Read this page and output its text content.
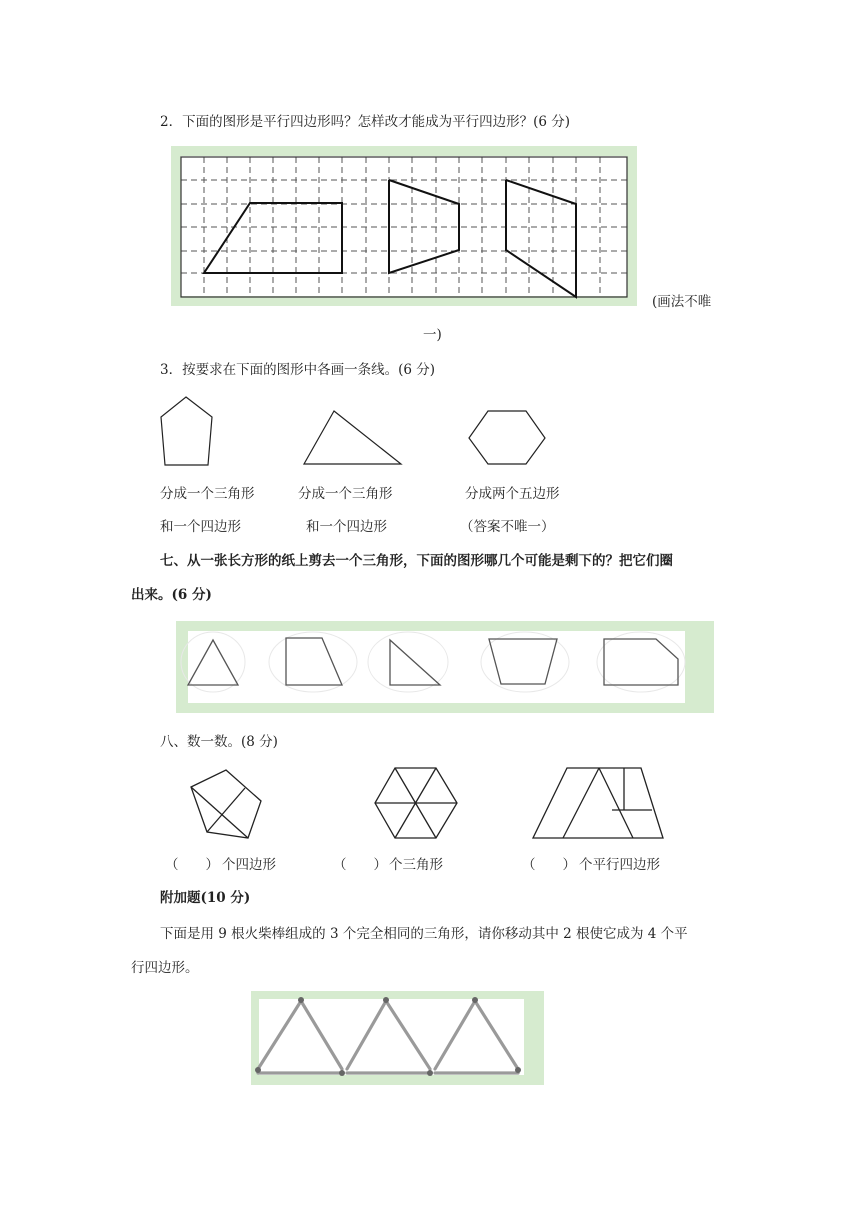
2．下面的图形是平行四边形吗？怎样改才能成为平行四边形？(6 分)
(画法不唯
一)
3．按要求在下面的图形中各画一条线。(6 分)
分成一个三角形	分成一个三角形	分成两个五边形
和一个四边形	和一个四边形	（答案不唯一）
七、从一张长方形的纸上剪去一个三角形，下面的图形哪几个可能是剩下的？把它们圈
出来。(6 分)
八、数一数。(8 分)
（　　） 个四边形	（　　） 个三角形	（　　） 个平行四边形
附加题(10 分)
下面是用 9 根火柴棒组成的 3 个完全相同的三角形，请你移动其中 2 根使它成为 4 个平
行四边形。
